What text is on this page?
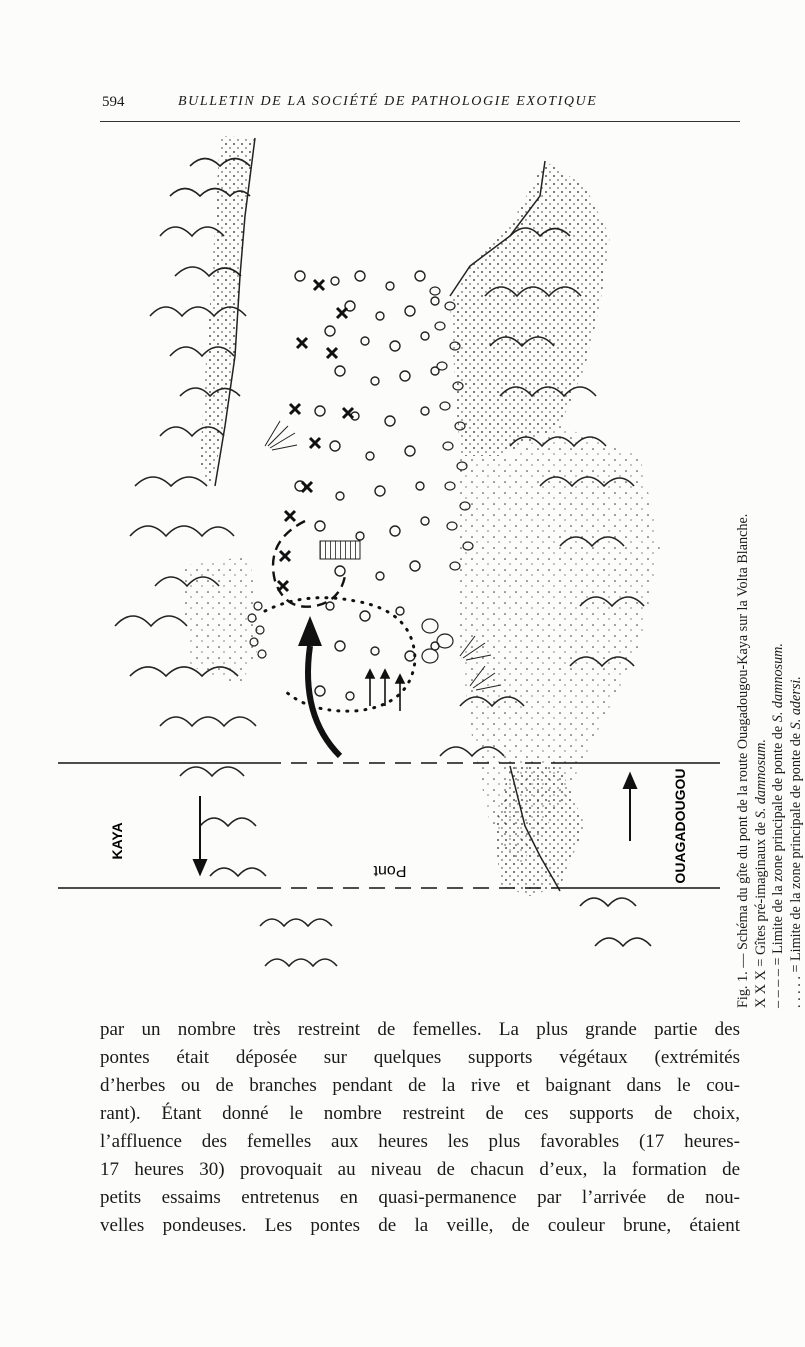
594	BULLETIN DE LA SOCIÉTÉ DE PATHOLOGIE EXOTIQUE
KAYA	OUAGADOUGOU
Pont	Fig. 1. — Schéma du gîte du pont de la route Ouagadougou-Kaya sur la Volta Blanche. X X X = Gîtes pré-imaginaux de S. damnosum.
– – – – = Limite de la zone principale de ponte de S. damnosum.
. . . . . = Limite de la zone principale de ponte de S. adersi.
par un nombre très restreint de femelles. La plus grande partie des
pontes était déposée sur quelques supports végétaux (extrémités
d’herbes ou de branches pendant de la rive et baignant dans le cou-
rant). Étant donné le nombre restreint de ces supports de choix,
l’affluence des femelles aux heures les plus favorables (17 heures-
17 heures 30) provoquait au niveau de chacun d’eux, la formation de
petits essaims entretenus en quasi-permanence par l’arrivée de nou-
velles pondeuses. Les pontes de la veille, de couleur brune, étaient
